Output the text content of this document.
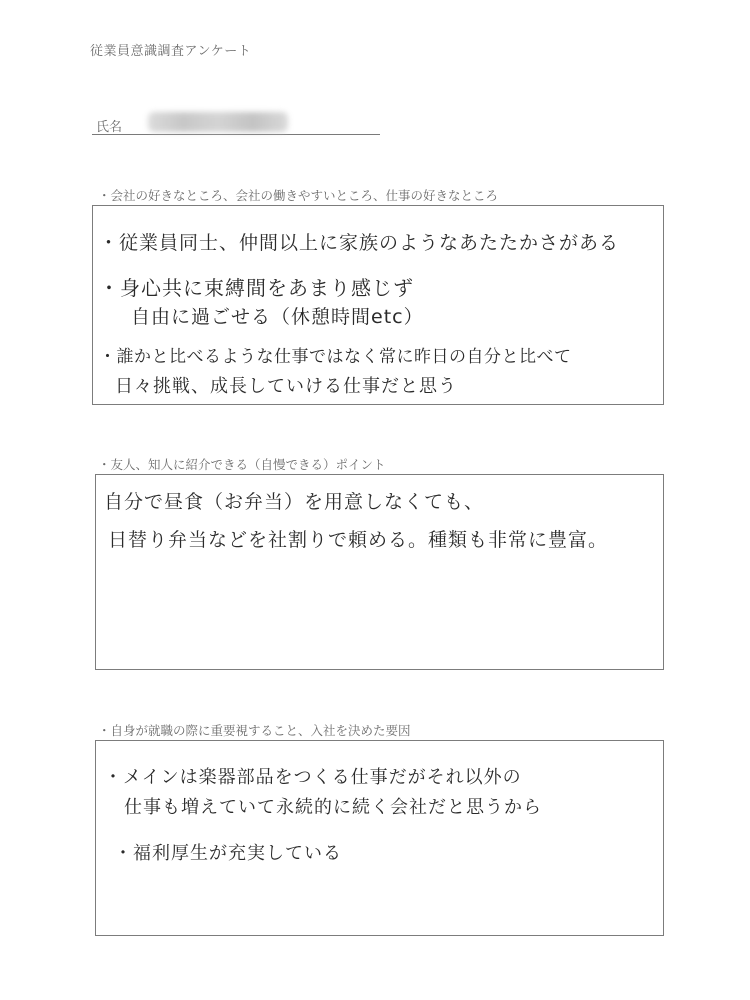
従業員意識調査アンケート
氏名
・会社の好きなところ、会社の働きやすいところ、仕事の好きなところ
・従業員同士、仲間以上に家族のようなあたたかさがある
・身心共に束縛間をあまり感じず
自由に過ごせる（休憩時間etc）
・誰かと比べるような仕事ではなく常に昨日の自分と比べて
日々挑戦、成長していける仕事だと思う
・友人、知人に紹介できる（自慢できる）ポイント
自分で昼食（お弁当）を用意しなくても、
日替り弁当などを社割りで頼める。種類も非常に豊富。
・自身が就職の際に重要視すること、入社を決めた要因
・メインは楽器部品をつくる仕事だがそれ以外の
仕事も増えていて永続的に続く会社だと思うから
・福利厚生が充実している
